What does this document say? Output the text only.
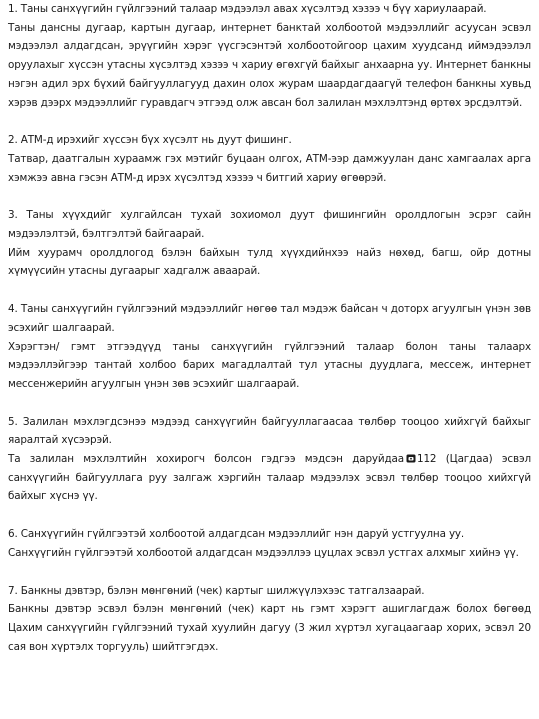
1. Таны санхүүгийн гүйлгээний талаар мэдээлэл авах хүсэлтэд хэзээ ч бүү хариулаарай.

Таны дансны дугаар, картын дугаар, интернет банктай холбоотой мэдээллийг асуусан эсвэл мэдээлэл алдагдсан, эрүүгийн хэрэг үүсгэсэнтэй холбоотойгоор цахим хуудсанд иймэдээлэл оруулахыг хүссэн утасны хүсэлтэд хэзээ ч хариу өгөхгүй байхыг анхаарна уу. Интернет банкны нэгэн адил эрх бүхий байгууллагууд дахин олох журам шаардагдаагүй телефон банкны хувьд хэрэв дээрх мэдээллийг гуравдагч этгээд олж авсан бол залилан мэхлэлтэнд өртөх эрсдэлтэй.

2. АТМ-д ирэхийг хүссэн бүх хүсэлт нь дуут фишинг.

Татвар, даатгалын хураамж гэх мэтийг буцаан олгох, АТМ-ээр дамжуулан данс хамгаалах арга хэмжээ авна гэсэн АТМ-д ирэх хүсэлтэд хэзээ ч битгий хариу өгөөрэй.

3. Таны хүүхдийг хулгайлсан тухай зохиомол дуут фишингийн оролдлогын эсрэг сайн мэдээлэлтэй, бэлтгэлтэй байгаарай.

Ийм хуурамч оролдлогод бэлэн байхын тулд хүүхдийнхээ найз нөхөд, багш, ойр дотны хүмүүсийн утасны дугаарыг хадгалж аваарай.

4. Таны санхүүгийн гүйлгээний мэдээллийг нөгөө тал мэдэж байсан ч доторх агуулгын үнэн зөв эсэхийг шалгаарай.

Хэрэгтэн/ гэмт этгээдүүд таны санхүүгийн гүйлгээний талаар болон таны талаарх мэдээллэйгээр тантай холбоо барих магадлалтай тул утасны дуудлага, мессеж, интернет мессенжерийн агуулгын үнэн зөв эсэхийг шалгаарай.

5. Залилан мэхлэгдсэнээ мэдээд санхүүгийн байгууллагаасаа төлбөр тооцоо хийхгүй байхыг яаралтай хүсээрэй.

Та залилан мэхлэлтийн хохирогч болсон гэдгээ мэдсэн даруйдаа 112 (Цагдаа) эсвэл санхүүгийн байгууллага руу залгаж хэргийн талаар мэдээлэх эсвэл төлбөр тооцоо хийхгүй байхыг хүснэ үү.

6. Санхүүгийн гүйлгээтэй холбоотой алдагдсан мэдээллийг нэн даруй устгуулна уу.

Санхүүгийн гүйлгээтэй холбоотой алдагдсан мэдээллээ цуцлах эсвэл устгах алхмыг хийнэ үү.

7. Банкны дэвтэр, бэлэн мөнгөний (чек) картыг шилжүүлэхээс татгалзаарай.

Банкны дэвтэр эсвэл бэлэн мөнгөний (чек) карт нь гэмт хэрэгт ашиглагдаж болох бөгөөд Цахим санхүүгийн гүйлгээний тухай хуулийн дагуу (3 жил хүртэл хугацаагаар хорих, эсвэл 20 сая вон хүртэлх торгууль) шийтгэгдэх.
